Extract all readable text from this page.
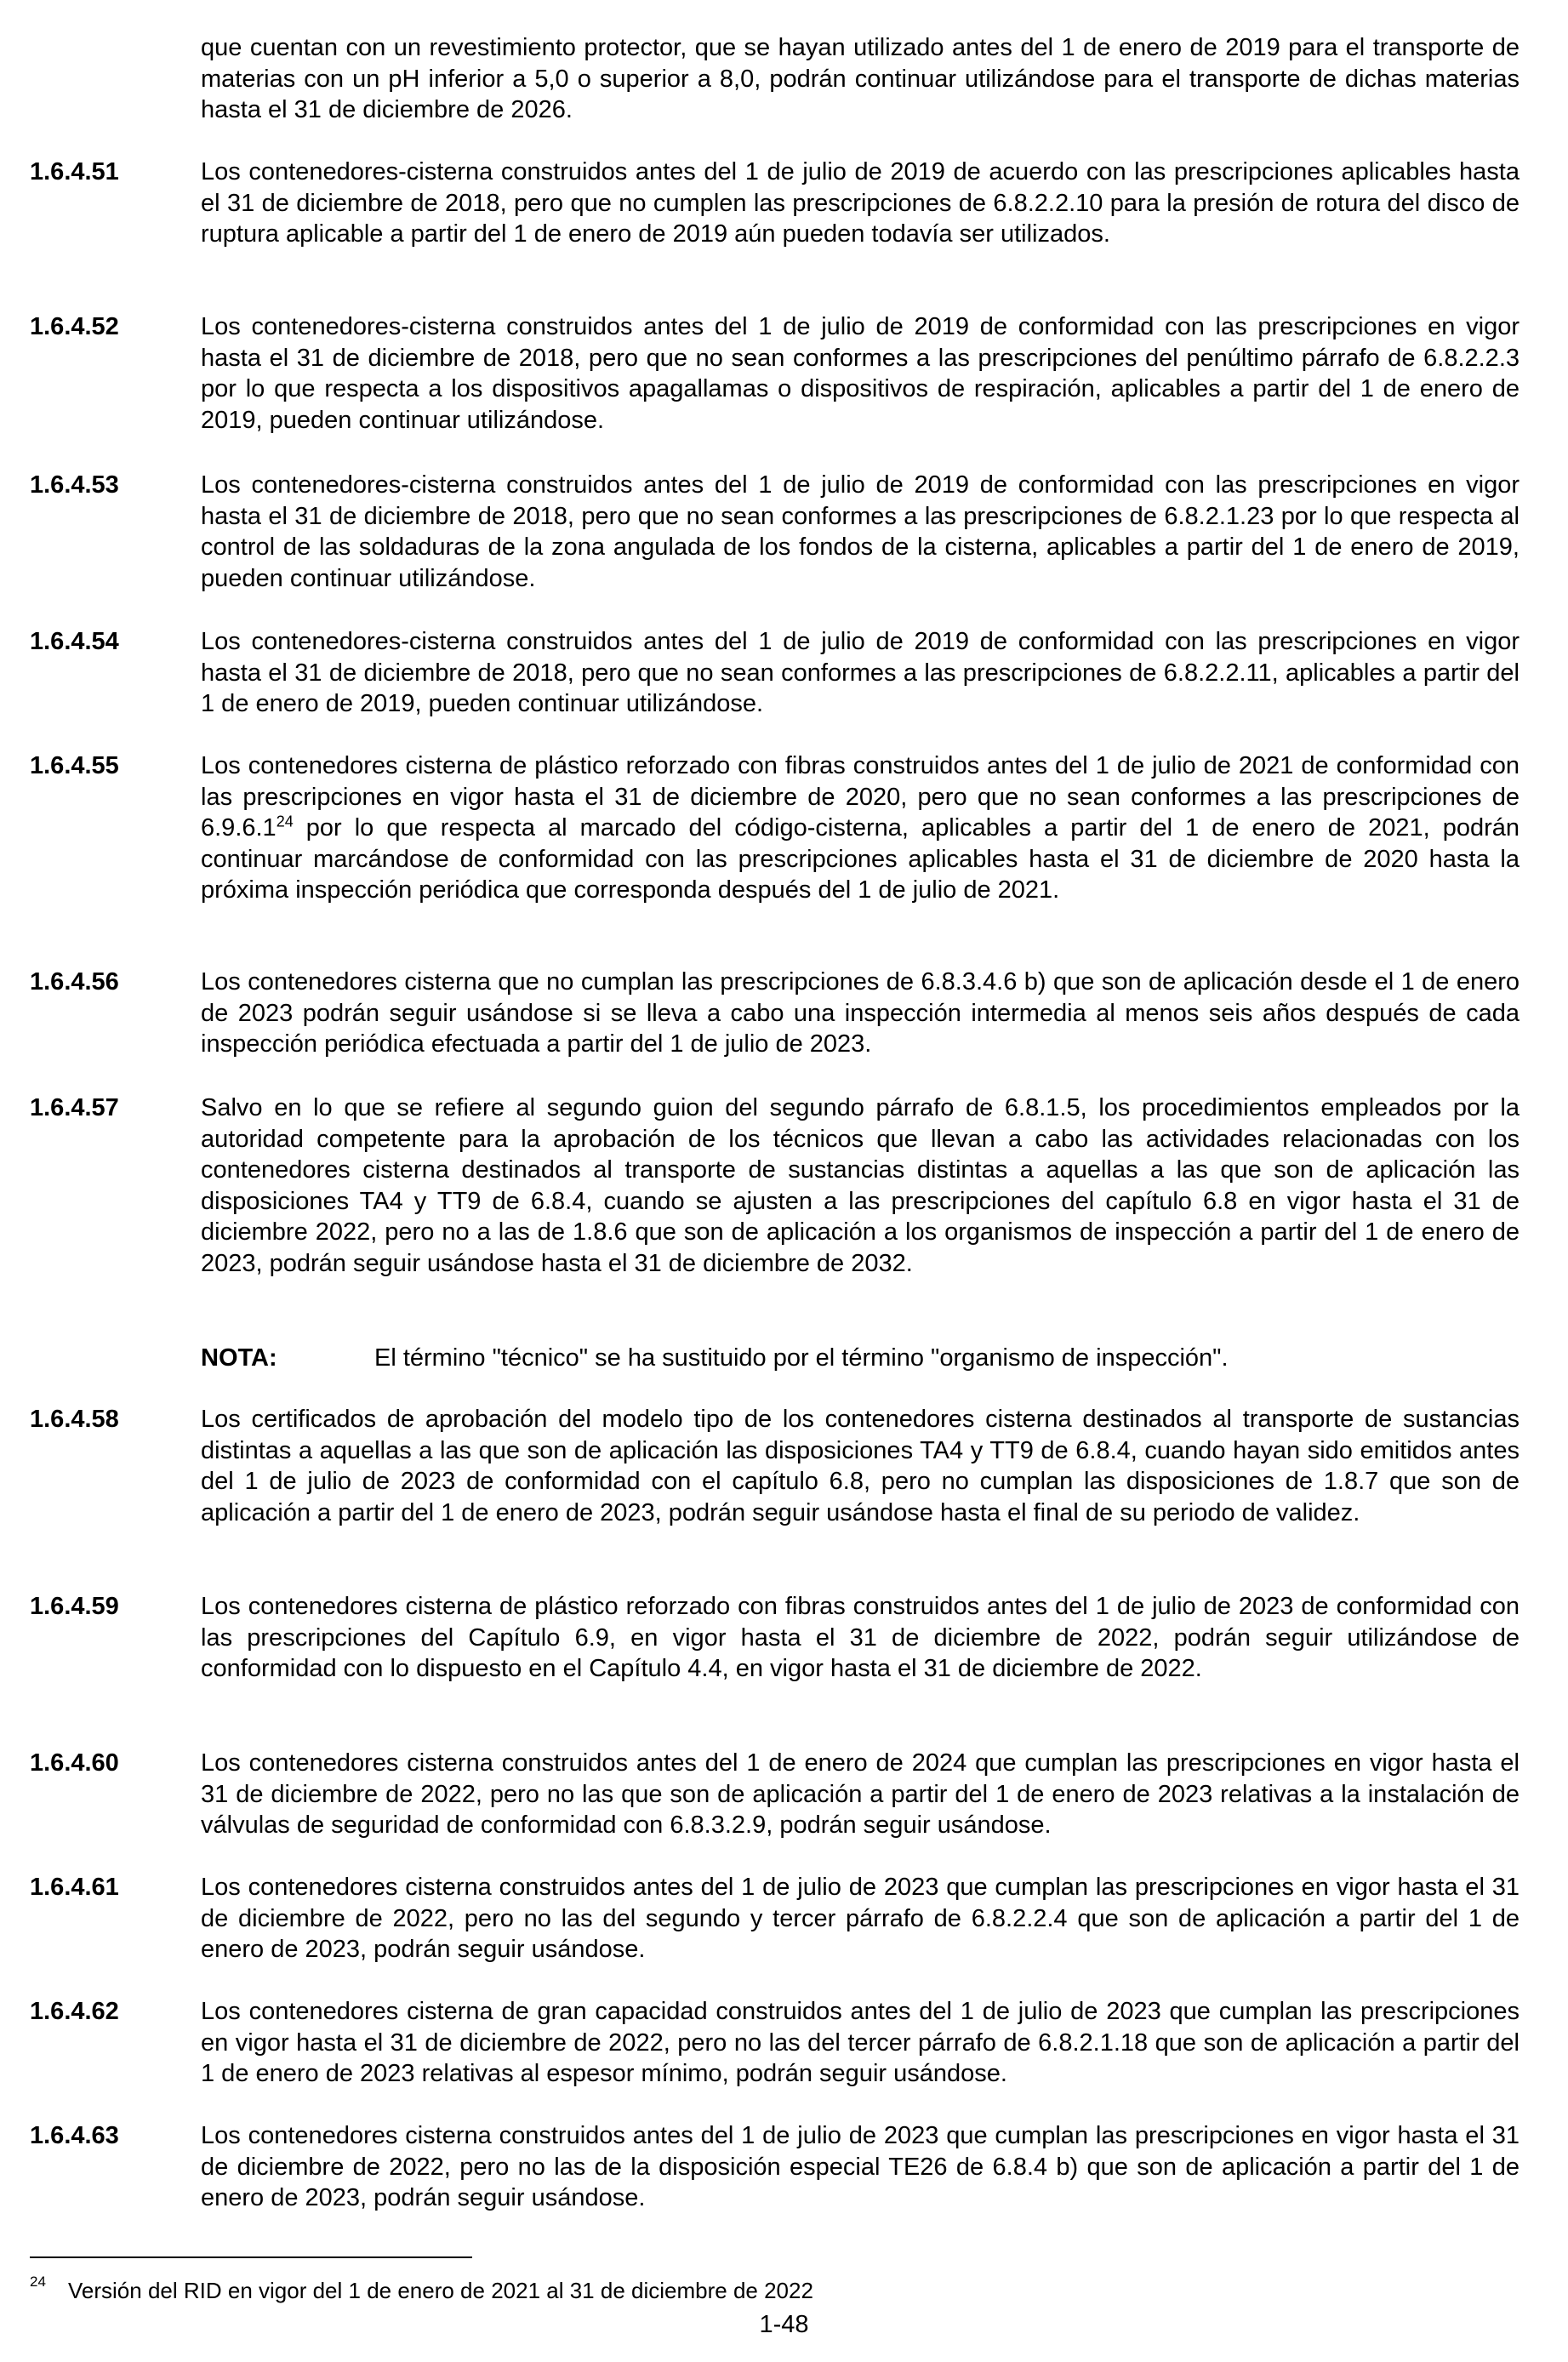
que cuentan con un revestimiento protector, que se hayan utilizado antes del 1 de enero de 2019 para el transporte de materias con un pH inferior a 5,0 o superior a 8,0, podrán continuar utilizándose para el transporte de dichas materias hasta el 31 de diciembre de 2026.

1.6.4.51	Los contenedores-cisterna construidos antes del 1 de julio de 2019 de acuerdo con las prescripciones aplicables hasta el 31 de diciembre de 2018, pero que no cumplen las prescripciones de 6.8.2.2.10 para la presión de rotura del disco de ruptura aplicable a partir del 1 de enero de 2019 aún pueden todavía ser utilizados.

1.6.4.52	Los contenedores-cisterna construidos antes del 1 de julio de 2019 de conformidad con las prescripciones en vigor hasta el 31 de diciembre de 2018, pero que no sean conformes a las prescripciones del penúltimo párrafo de 6.8.2.2.3 por lo que respecta a los dispositivos apagallamas o dispositivos de respiración, aplicables a partir del 1 de enero de 2019, pueden continuar utilizándose.

1.6.4.53	Los contenedores-cisterna construidos antes del 1 de julio de 2019 de conformidad con las prescripciones en vigor hasta el 31 de diciembre de 2018, pero que no sean conformes a las prescripciones de 6.8.2.1.23 por lo que respecta al control de las soldaduras de la zona angulada de los fondos de la cisterna, aplicables a partir del 1 de enero de 2019, pueden continuar utilizándose.

1.6.4.54	Los contenedores-cisterna construidos antes del 1 de julio de 2019 de conformidad con las prescripciones en vigor hasta el 31 de diciembre de 2018, pero que no sean conformes a las prescripciones de 6.8.2.2.11, aplicables a partir del 1 de enero de 2019, pueden continuar utilizándose.

1.6.4.55	Los contenedores cisterna de plástico reforzado con fibras construidos antes del 1 de julio de 2021 de conformidad con las prescripciones en vigor hasta el 31 de diciembre de 2020, pero que no sean conformes a las prescripciones de 6.9.6.1$^{24}$ por lo que respecta al marcado del código-cisterna, aplicables a partir del 1 de enero de 2021, podrán continuar marcándose de conformidad con las prescripciones aplicables hasta el 31 de diciembre de 2020 hasta la próxima inspección periódica que corresponda después del 1 de julio de 2021.

1.6.4.56	Los contenedores cisterna que no cumplan las prescripciones de 6.8.3.4.6 b) que son de aplicación desde el 1 de enero de 2023 podrán seguir usándose si se lleva a cabo una inspección intermedia al menos seis años después de cada inspección periódica efectuada a partir del 1 de julio de 2023.

1.6.4.57	Salvo en lo que se refiere al segundo guion del segundo párrafo de 6.8.1.5, los procedimientos empleados por la autoridad competente para la aprobación de los técnicos que llevan a cabo las actividades relacionadas con los contenedores cisterna destinados al transporte de sustancias distintas a aquellas a las que son de aplicación las disposiciones TA4 y TT9 de 6.8.4, cuando se ajusten a las prescripciones del capítulo 6.8 en vigor hasta el 31 de diciembre 2022, pero no a las de 1.8.6 que son de aplicación a los organismos de inspección a partir del 1 de enero de 2023, podrán seguir usándose hasta el 31 de diciembre de 2032.

NOTA:	El término "técnico" se ha sustituido por el término "organismo de inspección".
1.6.4.58	Los certificados de aprobación del modelo tipo de los contenedores cisterna destinados al transporte de sustancias distintas a aquellas a las que son de aplicación las disposiciones TA4 y TT9 de 6.8.4, cuando hayan sido emitidos antes del 1 de julio de 2023 de conformidad con el capítulo 6.8, pero no cumplan las disposiciones de 1.8.7 que son de aplicación a partir del 1 de enero de 2023, podrán seguir usándose hasta el final de su periodo de validez.

1.6.4.59	Los contenedores cisterna de plástico reforzado con fibras construidos antes del 1 de julio de 2023 de conformidad con las prescripciones del Capítulo 6.9, en vigor hasta el 31 de diciembre de 2022, podrán seguir utilizándose de conformidad con lo dispuesto en el Capítulo 4.4, en vigor hasta el 31 de diciembre de 2022.

1.6.4.60	Los contenedores cisterna construidos antes del 1 de enero de 2024 que cumplan las prescripciones en vigor hasta el 31 de diciembre de 2022, pero no las que son de aplicación a partir del 1 de enero de 2023 relativas a la instalación de válvulas de seguridad de conformidad con 6.8.3.2.9, podrán seguir usándose.

1.6.4.61	Los contenedores cisterna construidos antes del 1 de julio de 2023 que cumplan las prescripciones en vigor hasta el 31 de diciembre de 2022, pero no las del segundo y tercer párrafo de 6.8.2.2.4 que son de aplicación a partir del 1 de enero de 2023, podrán seguir usándose.

1.6.4.62	Los contenedores cisterna de gran capacidad construidos antes del 1 de julio de 2023 que cumplan las prescripciones en vigor hasta el 31 de diciembre de 2022, pero no las del tercer párrafo de 6.8.2.1.18 que son de aplicación a partir del 1 de enero de 2023 relativas al espesor mínimo, podrán seguir usándose.

1.6.4.63	Los contenedores cisterna construidos antes del 1 de julio de 2023 que cumplan las prescripciones en vigor hasta el 31 de diciembre de 2022, pero no las de la disposición especial TE26 de 6.8.4 b) que son de aplicación a partir del 1 de enero de 2023, podrán seguir usándose.

24 Versión del RID en vigor del 1 de enero de 2021 al 31 de diciembre de 2022
1-48
